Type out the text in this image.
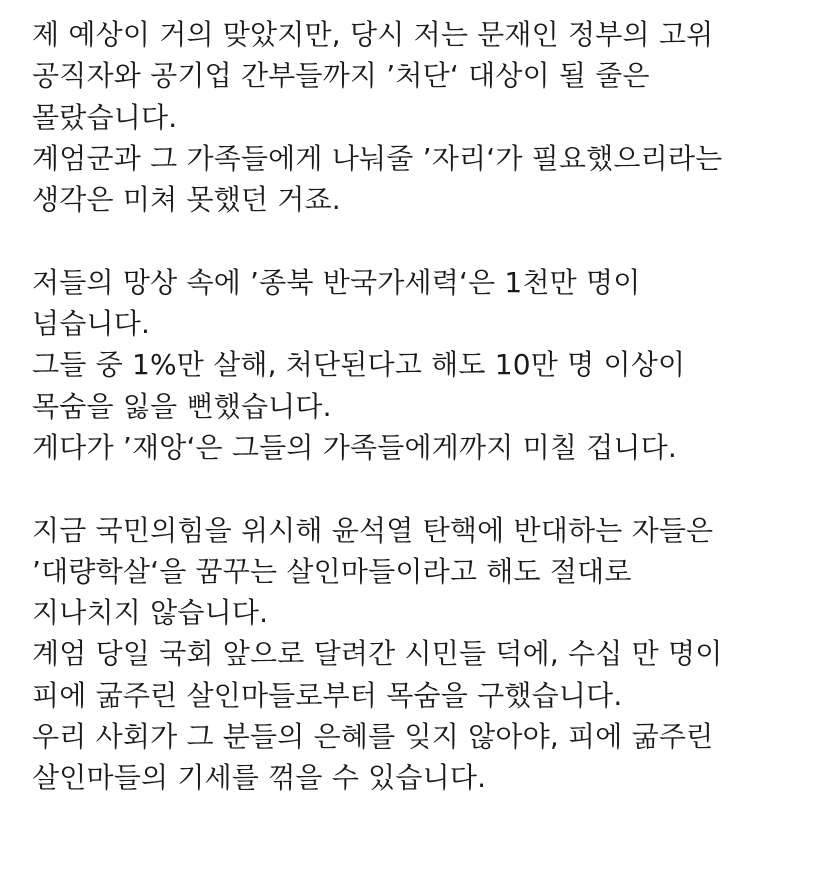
제 예상이 거의 맞았지만, 당시 저는 문재인 정부의 고위
공직자와 공기업 간부들까지 ’처단‘ 대상이 될 줄은
몰랐습니다.
계엄군과 그 가족들에게 나눠줄 ’자리‘가 필요했으리라는
생각은 미쳐 못했던 거죠.
저들의 망상 속에 ’종북 반국가세력‘은 1천만 명이
넘습니다.
그들 중 1%만 살해, 처단된다고 해도 10만 명 이상이
목숨을 잃을 뻔했습니다.
게다가 ’재앙‘은 그들의 가족들에게까지 미칠 겁니다.
지금 국민의힘을 위시해 윤석열 탄핵에 반대하는 자들은
’대량학살‘을 꿈꾸는 살인마들이라고 해도 절대로
지나치지 않습니다.
계엄 당일 국회 앞으로 달려간 시민들 덕에, 수십 만 명이
피에 굶주린 살인마들로부터 목숨을 구했습니다.
우리 사회가 그 분들의 은혜를 잊지 않아야, 피에 굶주린
살인마들의 기세를 꺾을 수 있습니다.
